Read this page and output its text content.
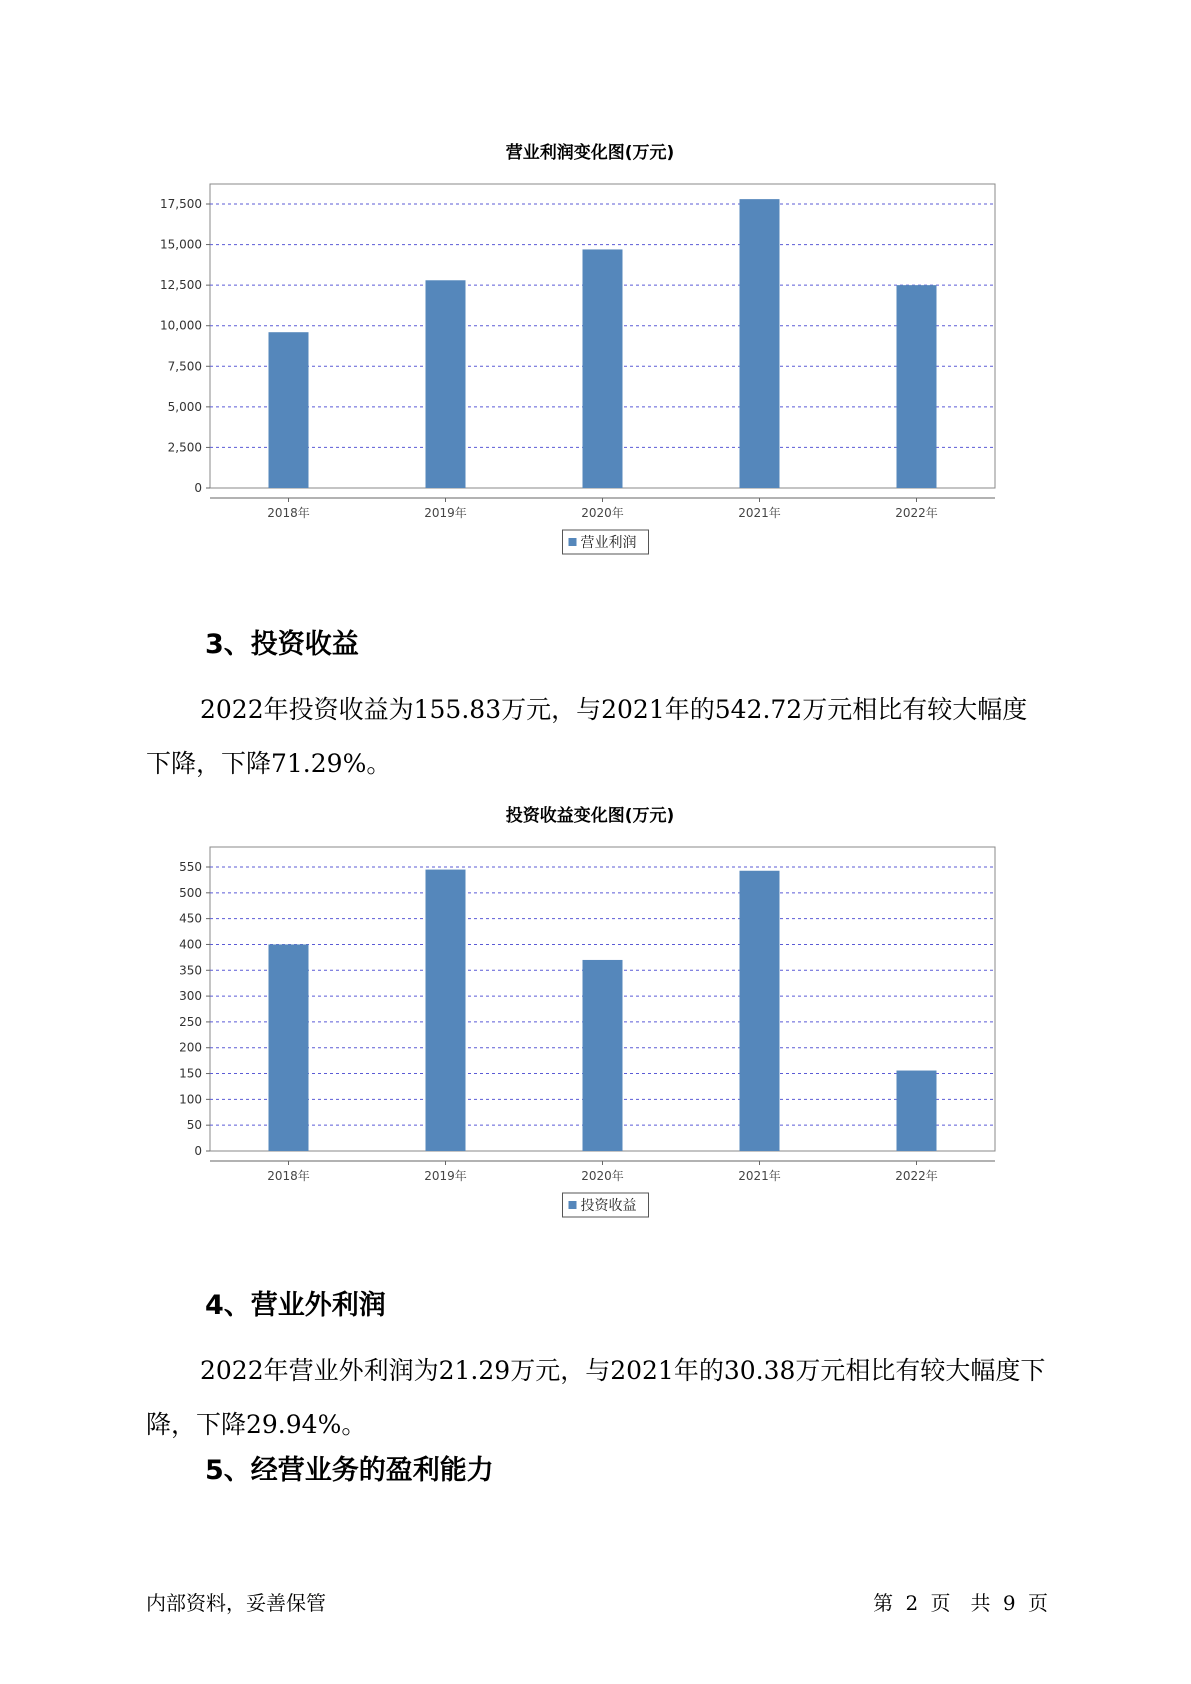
营业利润变化图(万元)

0
2,500
5,000
7,500
10,000
12,500
15,000
17,500
2018年	2019年	2020年	2021年	2022年
营业利润
3、投资收益

2022年投资收益为155.83万元，与2021年的542.72万元相比有较大幅度下降，下降71.29%。

投资收益变化图(万元)

0
50
100
150
200
250
300
350
400
450
500
550
2018年	2019年	2020年	2021年	2022年
投资收益
4、营业外利润

2022年营业外利润为21.29万元，与2021年的30.38万元相比有较大幅度下降，下降29.94%。

5、经营业务的盈利能力
内部资料，妥善保管	第 2 页　共 9 页
